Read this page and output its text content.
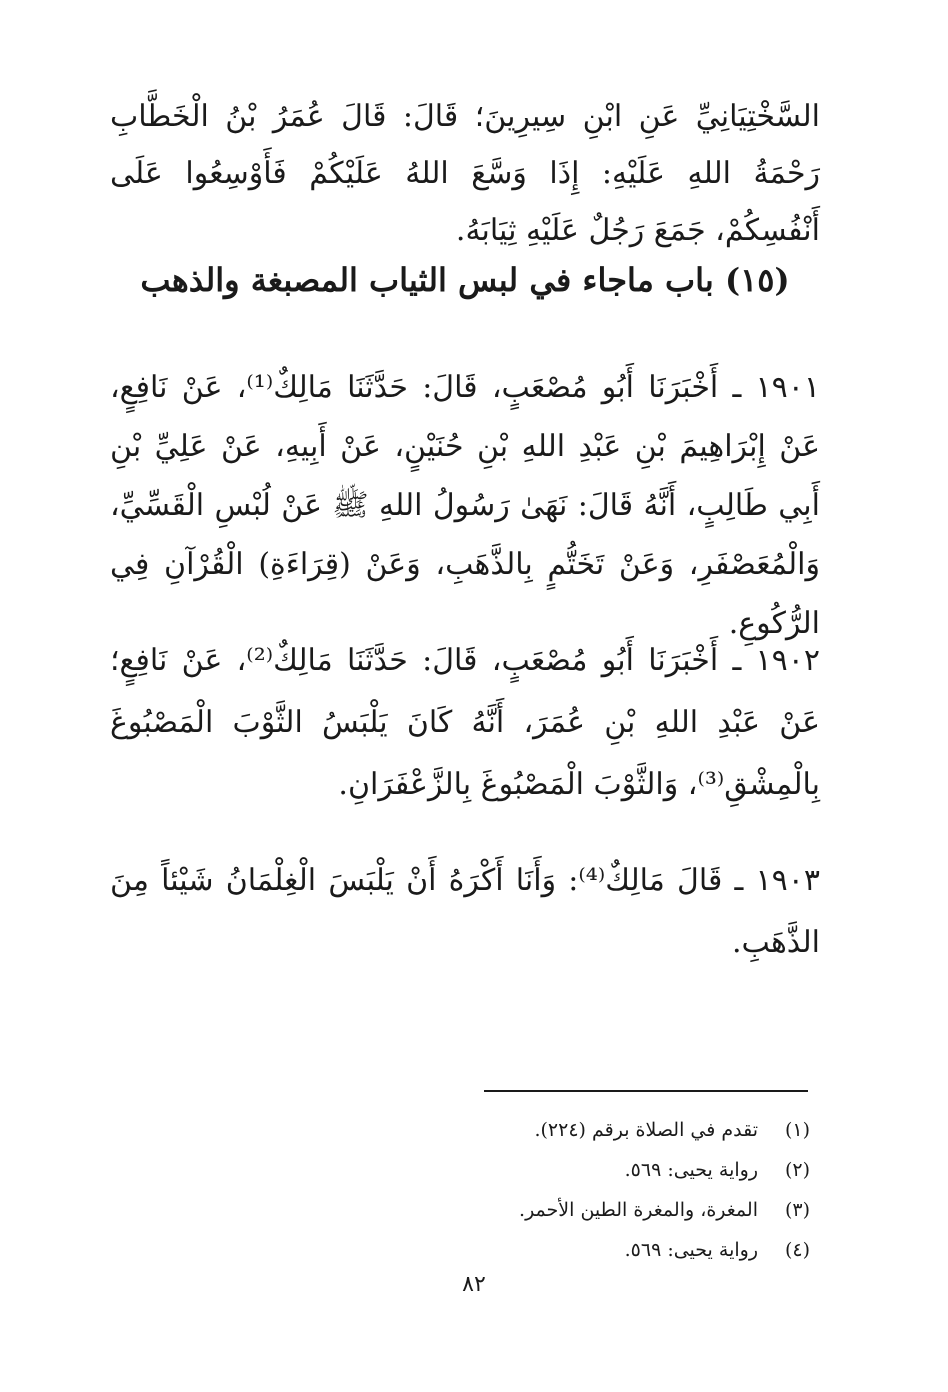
السَّخْتِيَانِيِّ عَنِ ابْنِ سِيرِينَ؛ قَالَ: قَالَ عُمَرُ بْنُ الْخَطَّابِ رَحْمَةُ اللهِ عَلَيْهِ: إِذَا وَسَّعَ اللهُ عَلَيْكُمْ فَأَوْسِعُوا عَلَى أَنْفُسِكُمْ، جَمَعَ رَجُلٌ عَلَيْهِ ثِيَابَهُ.

(١٥) باب ماجاء في لبس الثياب المصبغة والذهب

١٩٠١ ـ أَخْبَرَنَا أَبُو مُصْعَبٍ، قَالَ: حَدَّثَنَا مَالِكٌ⁽¹⁾، عَنْ نَافِعٍ، عَنْ إِبْرَاهِيمَ بْنِ عَبْدِ اللهِ بْنِ حُنَيْنٍ، عَنْ أَبِيهِ، عَنْ عَلِيِّ بْنِ أَبِي طَالِبٍ، أَنَّهُ قَالَ: نَهَىٰ رَسُولُ اللهِ ﷺ عَنْ لُبْسِ الْقَسِّيِّ، وَالْمُعَصْفَرِ، وَعَنْ تَخَتُّمٍ بِالذَّهَبِ، وَعَنْ (قِرَاءَةِ) الْقُرْآنِ فِي الرُّكُوعِ.

١٩٠٢ ـ أَخْبَرَنَا أَبُو مُصْعَبٍ، قَالَ: حَدَّثَنَا مَالِكٌ⁽²⁾، عَنْ نَافِعٍ؛ عَنْ عَبْدِ اللهِ بْنِ عُمَرَ، أَنَّهُ كَانَ يَلْبَسُ الثَّوْبَ الْمَصْبُوغَ بِالْمِشْقِ⁽³⁾، وَالثَّوْبَ الْمَصْبُوغَ بِالزَّعْفَرَانِ.

١٩٠٣ ـ قَالَ مَالِكٌ⁽⁴⁾: وَأَنَا أَكْرَهُ أَنْ يَلْبَسَ الْغِلْمَانُ شَيْئاً مِنَ الذَّهَبِ.

(١)
تقدم في الصلاة برقم (٢٢٤).
(٢)
رواية يحيى: ٥٦٩.
(٣)
المغرة، والمغرة الطين الأحمر.
(٤)
رواية يحيى: ٥٦٩.
٨٢
